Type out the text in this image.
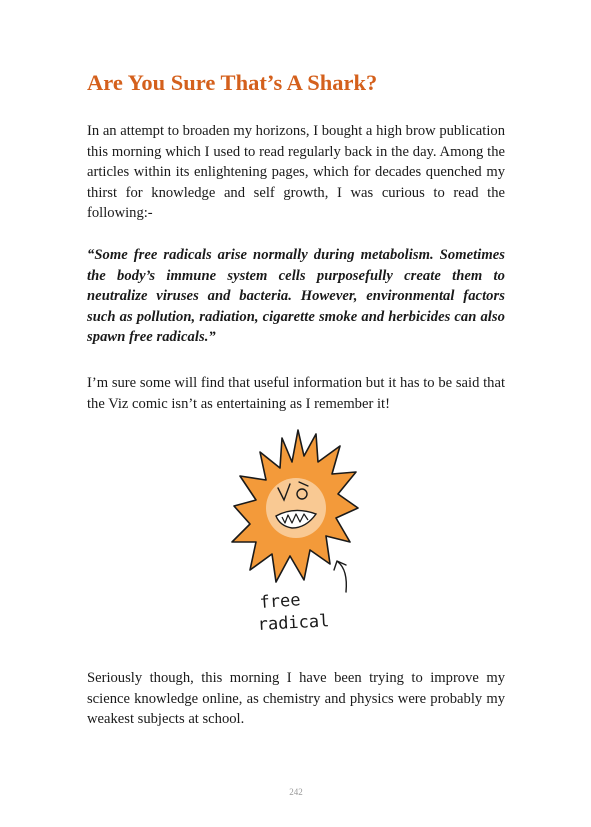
Are You Sure That’s A Shark?

In an attempt to broaden my horizons, I bought a high brow publication this morning which I used to read regularly back in the day. Among the articles within its enlightening pages, which for decades quenched my thirst for knowledge and self growth, I was curious to read the following:-

“Some free radicals arise normally during metabolism. Sometimes the body’s immune system cells purposefully create them to neutralize viruses and bacteria. However, environmental factors such as pollution, radiation, cigarette smoke and herbicides can also spawn free radicals.”

I’m sure some will find that useful information but it has to be said that the Viz comic isn’t as entertaining as I remember it!

free
radical

Seriously though, this morning I have been trying to improve my science knowledge online, as chemistry and physics were probably my weakest subjects at school.

242
